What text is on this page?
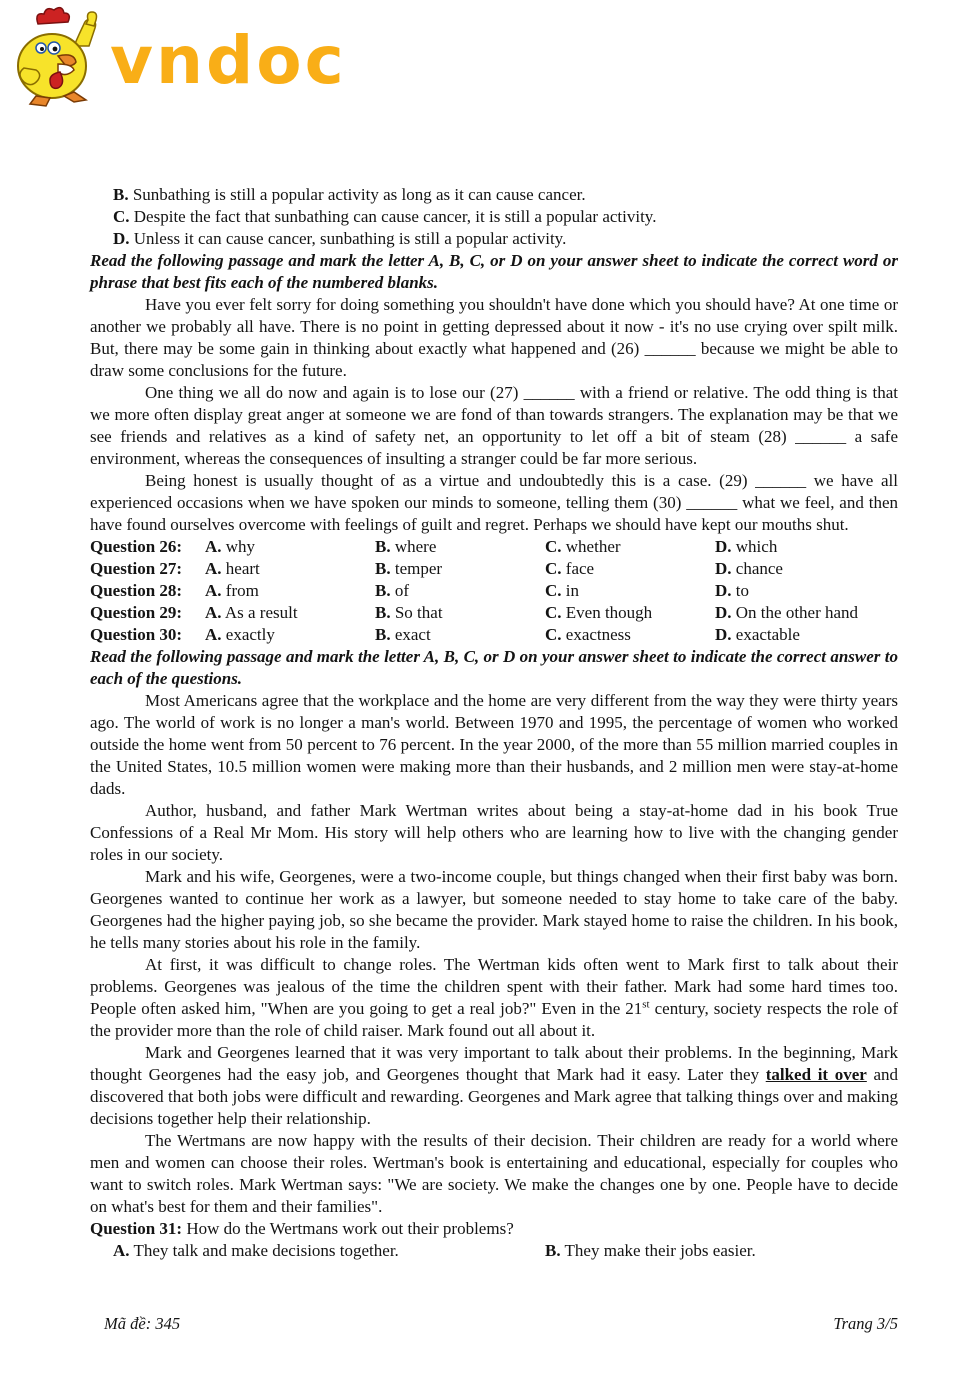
vndoc

B. Sunbathing is still a popular activity as long as it can cause cancer.

C. Despite the fact that sunbathing can cause cancer, it is still a popular activity.

D. Unless it can cause cancer, sunbathing is still a popular activity.

Read the following passage and mark the letter A, B, C, or D on your answer sheet to indicate the correct word or phrase that best fits each of the numbered blanks.

Have you ever felt sorry for doing something you shouldn't have done which you should have? At one time or another we probably all have. There is no point in getting depressed about it now - it's no use crying over spilt milk. But, there may be some gain in thinking about exactly what happened and (26) ______ because we might be able to draw some conclusions for the future.

One thing we all do now and again is to lose our (27) ______ with a friend or relative. The odd thing is that we more often display great anger at someone we are fond of than towards strangers. The explanation may be that we see friends and relatives as a kind of safety net, an opportunity to let off a bit of steam (28) ______ a safe environment, whereas the consequences of insulting a stranger could be far more serious.

Being honest is usually thought of as a virtue and undoubtedly this is a case. (29) ______ we have all experienced occasions when we have spoken our minds to someone, telling them (30) ______ what we feel, and then have found ourselves overcome with feelings of guilt and regret. Perhaps we should have kept our mouths shut.

Question 26:	A. why	B. where	C. whether	D. which
Question 27:	A. heart	B. temper	C. face	D. chance
Question 28:	A. from	B. of	C. in	D. to
Question 29:	A. As a result	B. So that	C. Even though	D. On the other hand
Question 30:	A. exactly	B. exact	C. exactness	D. exactable

Read the following passage and mark the letter A, B, C, or D on your answer sheet to indicate the correct answer to each of the questions.

Most Americans agree that the workplace and the home are very different from the way they were thirty years ago. The world of work is no longer a man's world. Between 1970 and 1995, the percentage of women who worked outside the home went from 50 percent to 76 percent. In the year 2000, of the more than 55 million married couples in the United States, 10.5 million women were making more than their husbands, and 2 million men were stay-at-home dads.

Author, husband, and father Mark Wertman writes about being a stay-at-home dad in his book True Confessions of a Real Mr Mom. His story will help others who are learning how to live with the changing gender roles in our society.

Mark and his wife, Georgenes, were a two-income couple, but things changed when their first baby was born. Georgenes wanted to continue her work as a lawyer, but someone needed to stay home to take care of the baby. Georgenes had the higher paying job, so she became the provider. Mark stayed home to raise the children. In his book, he tells many stories about his role in the family.

At first, it was difficult to change roles. The Wertman kids often went to Mark first to talk about their problems. Georgenes was jealous of the time the children spent with their father. Mark had some hard times too. People often asked him, "When are you going to get a real job?" Even in the 21st century, society respects the role of the provider more than the role of child raiser. Mark found out all about it.

Mark and Georgenes learned that it was very important to talk about their problems. In the beginning, Mark thought Georgenes had the easy job, and Georgenes thought that Mark had it easy. Later they talked it over and discovered that both jobs were difficult and rewarding. Georgenes and Mark agree that talking things over and making decisions together help their relationship.

The Wertmans are now happy with the results of their decision. Their children are ready for a world where men and women can choose their roles. Wertman's book is entertaining and educational, especially for couples who want to switch roles. Mark Wertman says: "We are society. We make the changes one by one. People have to decide on what's best for them and their families".

Question 31: How do the Wertmans work out their problems?

A. They talk and make decisions together.	B. They make their jobs easier.
Mã đề: 345	Trang 3/5
